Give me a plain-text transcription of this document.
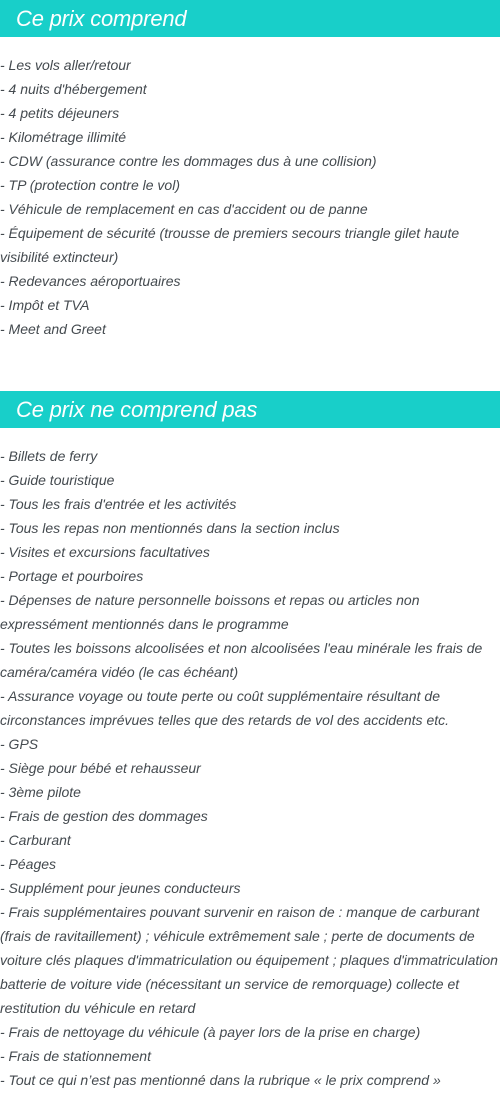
Ce prix comprend
- Les vols aller/retour
- 4 nuits d'hébergement
- 4 petits déjeuners
- Kilométrage illimité
- CDW (assurance contre les dommages dus à une collision)
- TP (protection contre le vol)
- Véhicule de remplacement en cas d'accident ou de panne
- Équipement de sécurité (trousse de premiers secours triangle gilet haute visibilité extincteur)
- Redevances aéroportuaires
- Impôt et TVA
- Meet and Greet
Ce prix ne comprend pas
- Billets de ferry
- Guide touristique
- Tous les frais d'entrée et les activités
- Tous les repas non mentionnés dans la section inclus
- Visites et excursions facultatives
- Portage et pourboires
- Dépenses de nature personnelle boissons et repas ou articles non expressément mentionnés dans le programme
- Toutes les boissons alcoolisées et non alcoolisées l'eau minérale les frais de caméra/caméra vidéo (le cas échéant)
- Assurance voyage ou toute perte ou coût supplémentaire résultant de circonstances imprévues telles que des retards de vol des accidents etc.
- GPS
- Siège pour bébé et rehausseur
- 3ème pilote
- Frais de gestion des dommages
- Carburant
- Péages
- Supplément pour jeunes conducteurs
- Frais supplémentaires pouvant survenir en raison de : manque de carburant (frais de ravitaillement) ; véhicule extrêmement sale ; perte de documents de voiture clés plaques d'immatriculation ou équipement ; plaques d'immatriculation batterie de voiture vide (nécessitant un service de remorquage) collecte et restitution du véhicule en retard
- Frais de nettoyage du véhicule (à payer lors de la prise en charge)
- Frais de stationnement
- Tout ce qui n’est pas mentionné dans la rubrique « le prix comprend »
